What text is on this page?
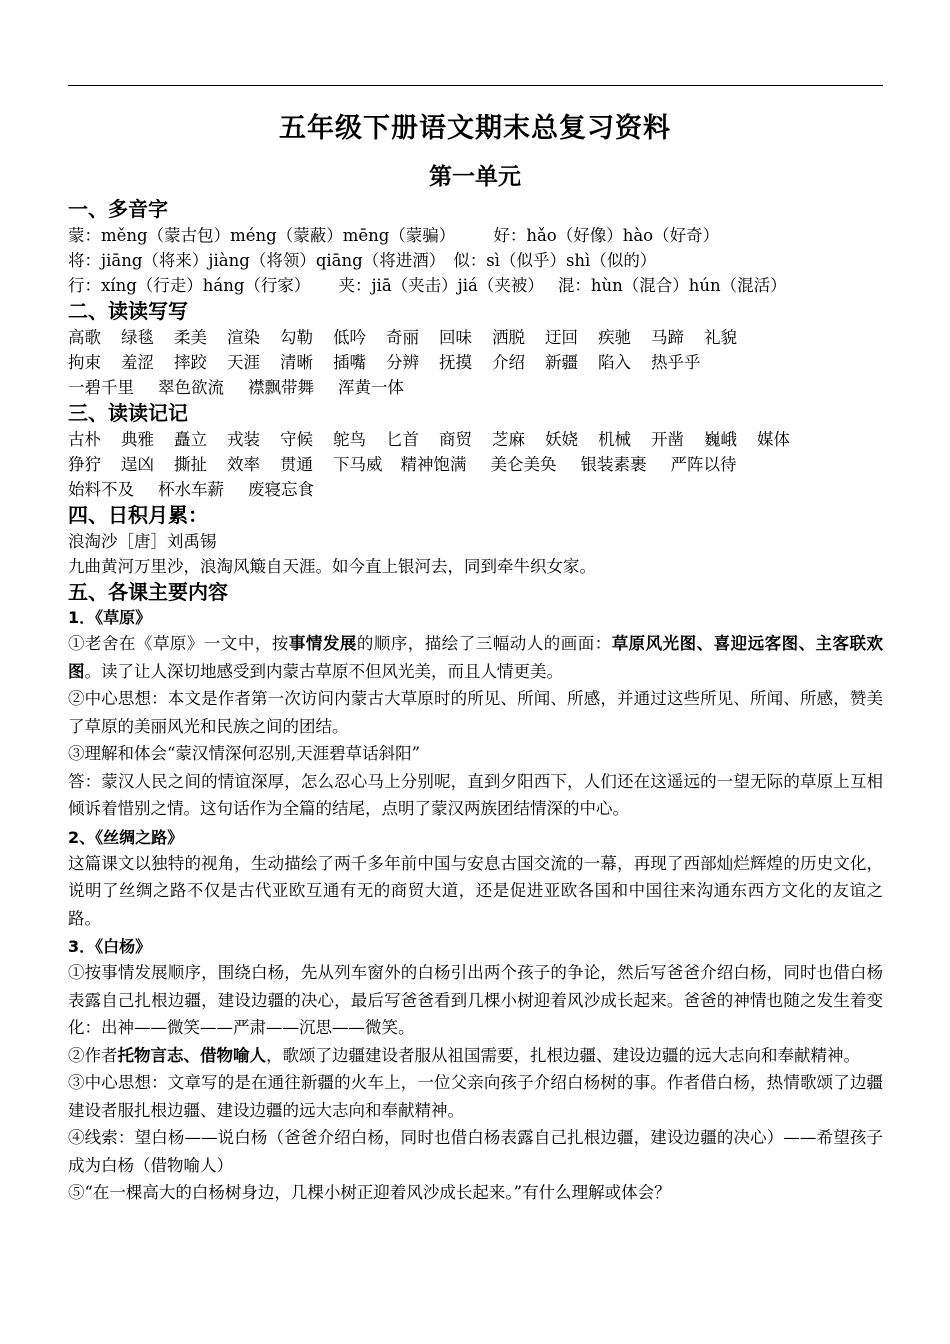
五年级下册语文期末总复习资料
第一单元
一、多音字
蒙：měng（蒙古包）méng（蒙蔽）mēng（蒙骗） 好：hǎo（好像）hào（好奇）
将：jiāng（将来）jiàng（将领）qiāng（将进酒） 似：sì（似乎）shì（似的）
行：xíng（行走）háng（行家） 夹：jiā（夹击）jiá（夹被） 混：hùn（混合）hún（混活）
二、读读写写
高歌 绿毯 柔美 渲染 勾勒 低吟 奇丽 回味 洒脱 迂回 疾驰 马蹄 礼貌
拘束 羞涩 摔跤 天涯 清晰 插嘴 分辨 抚摸 介绍 新疆 陷入 热乎乎
一碧千里 翠色欲流 襟飘带舞 浑黄一体
三、读读记记
古朴 典雅 矗立 戎装 守候 鸵鸟 匕首 商贸 芝麻 妖娆 机械 开凿 巍峨 媒体
狰狞 逞凶 撕扯 效率 贯通 下马威 精神饱满 美仑美奂 银装素裹 严阵以待
始料不及 杯水车薪 废寝忘食
四、日积月累：
浪淘沙［唐］刘禹锡
九曲黄河万里沙，浪淘风簸自天涯。如今直上银河去，同到牵牛织女家。
五、各课主要内容
1．《草原》
①老舍在《草原》一文中，按事情发展的顺序，描绘了三幅动人的画面：草原风光图、喜迎远客图、主客联欢图。读了让人深切地感受到内蒙古草原不但风光美，而且人情更美。
②中心思想：本文是作者第一次访问内蒙古大草原时的所见、所闻、所感，并通过这些所见、所闻、所感，赞美了草原的美丽风光和民族之间的团结。
③理解和体会“蒙汉情深何忍别,天涯碧草话斜阳”
答：蒙汉人民之间的情谊深厚，怎么忍心马上分别呢，直到夕阳西下，人们还在这遥远的一望无际的草原上互相倾诉着惜别之情。这句话作为全篇的结尾，点明了蒙汉两族团结情深的中心。
2、《丝绸之路》
这篇课文以独特的视角，生动描绘了两千多年前中国与安息古国交流的一幕，再现了西部灿烂辉煌的历史文化，说明了丝绸之路不仅是古代亚欧互通有无的商贸大道，还是促进亚欧各国和中国往来沟通东西方文化的友谊之路。
3．《白杨》
①按事情发展顺序，围绕白杨，先从列车窗外的白杨引出两个孩子的争论，然后写爸爸介绍白杨，同时也借白杨表露自己扎根边疆，建设边疆的决心，最后写爸爸看到几棵小树迎着风沙成长起来。爸爸的神情也随之发生着变化：出神——微笑——严肃——沉思——微笑。
②作者托物言志、借物喻人，歌颂了边疆建设者服从祖国需要，扎根边疆、建设边疆的远大志向和奉献精神。
③中心思想：文章写的是在通往新疆的火车上，一位父亲向孩子介绍白杨树的事。作者借白杨，热情歌颂了边疆建设者服扎根边疆、建设边疆的远大志向和奉献精神。
④线索：望白杨——说白杨（爸爸介绍白杨，同时也借白杨表露自己扎根边疆，建设边疆的决心）——希望孩子成为白杨（借物喻人）
⑤“在一棵高大的白杨树身边，几棵小树正迎着风沙成长起来。”有什么理解或体会？
